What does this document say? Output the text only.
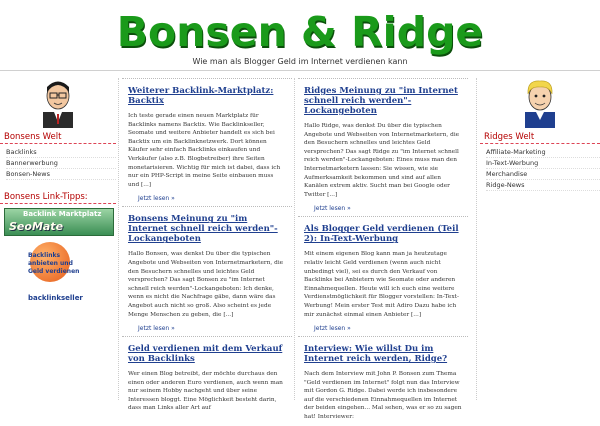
Bonsen & Ridge
Wie man als Blogger Geld im Internet verdienen kann
Bonsens Welt
Backlinks
Bannerwerbung
Bonsen-News
Bonsens Link-Tipps:
Backlink Marktplatz
SeoMate
Backlinks anbieten und Geld verdienen
backlinkseller
Weiterer Backlink-Marktplatz: Backtix
Ich teste gerade einen neuen Marktplatz für Backlinks namens Backtix. Wie Backlinkseller, Seomate und weitere Anbieter handelt es sich bei Backtix um ein Backlinknetzwerk. Dort können Käufer sehr einfach Backlinks einkaufen und Verkäufer (also z.B. Blogbetreiber) ihre Seiten monetarisieren. Wichtig für mich ist dabei, dass ich nur ein PHP-Script in meine Seite einbauen muss und [...]
Jetzt lesen »
Bonsens Meinung zu "im Internet schnell reich werden"-Lockangeboten
Hallo Bonsen, was denkst Du über die typischen Angebote und Webseiten von Internetmarketern, die den Besuchern schnelles und leichtes Geld versprechen? Das sagt Bonsen zu "im Internet schnell reich werden"-Lockangeboten: Ich denke, wenn es nicht die Nachfrage gäbe, dann wäre das Angebot auch nicht so groß. Also scheint es jede Menge Menschen zu geben, die [...]
Jetzt lesen »
Geld verdienen mit dem Verkauf von Backlinks
Wer einen Blog betreibt, der möchte durchaus den einen oder anderen Euro verdienen, auch wenn man nur seinem Hobby nachgeht und über seine Interessen bloggt. Eine Möglichkeit besteht darin, dass man Links aller Art auf
Ridges Meinung zu "im Internet schnell reich werden"-Lockangeboten
Hallo Ridge, was denkst Du über die typischen Angebote und Webseiten von Internetmarketern, die den Besuchern schnelles und leichtes Geld versprechen? Das sagt Ridge zu "im Internet schnell reich werden"-Lockangeboten: Eines muss man den Internetmarketern lassen: Sie wissen, wie sie Aufmerksamkeit bekommen und sind auf allen Kanälen extrem aktiv. Sucht man bei Google oder Twitter [...]
Jetzt lesen »
Als Blogger Geld verdienen (Teil 2): In-Text-Werbung
Mit einem eigenen Blog kann man ja heutzutage relativ leicht Geld verdienen (wenn auch nicht unbedingt viel), sei es durch den Verkauf von Backlinks bei Anbietern wie Seomate oder anderen Einnahmequellen. Heute will ich euch eine weitere Verdienstmöglichkeit für Blogger vorstellen: In-Text-Werbung! Mein erster Test mit Adiro Dazu habe ich mir zunächst einmal einen Anbieter [...]
Jetzt lesen »
Interview: Wie willst Du im Internet reich werden, Ridge?
Nach dem Interview mit John P. Bonsen zum Thema "Geld verdienen im Internet" folgt nun das Interview mit Gordon G. Ridge. Dabei werde ich insbesondere auf die verschiedenen Einnahmequellen im Internet der beiden eingehen... Mal sehen, was er so zu sagen hat! Interviewer:
Ridges Welt
Affiliate-Marketing
In-Text-Werbung
Merchandise
Ridge-News
